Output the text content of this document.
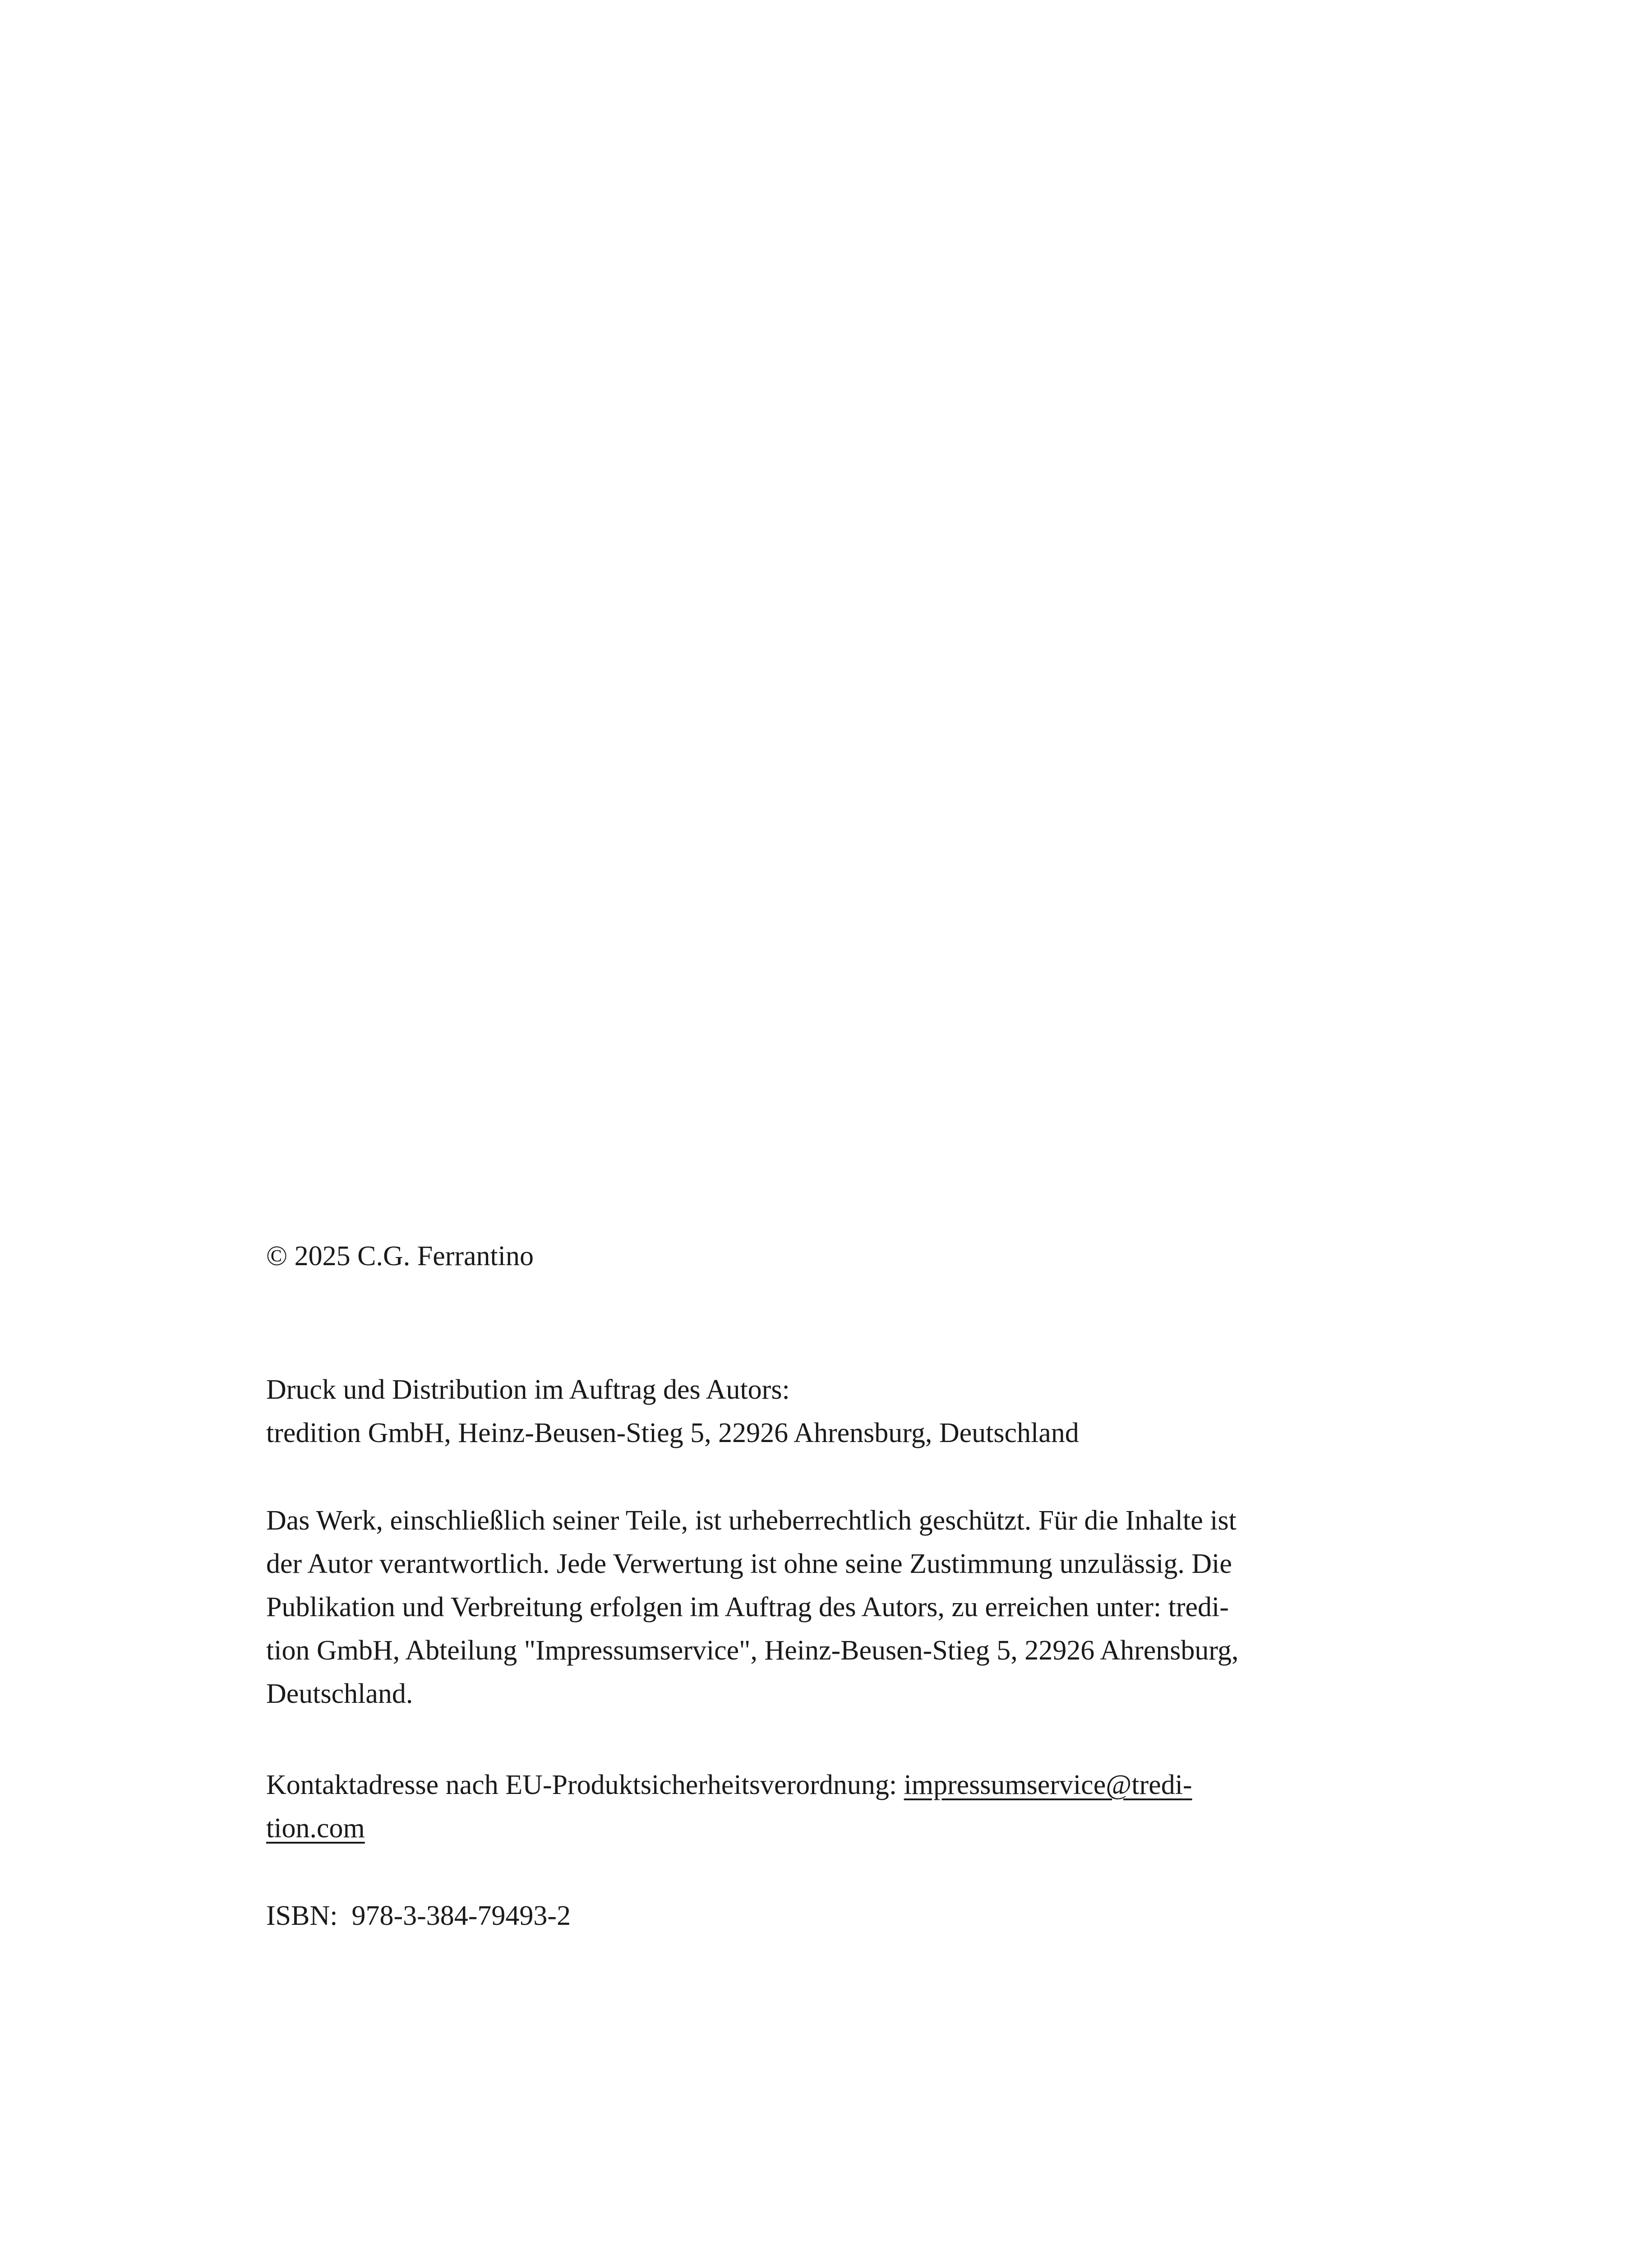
© 2025 C.G. Ferrantino

Druck und Distribution im Auftrag des Autors:
tredition GmbH, Heinz-Beusen-Stieg 5, 22926 Ahrensburg, Deutschland

Das Werk, einschließlich seiner Teile, ist urheberrechtlich geschützt. Für die Inhalte ist
der Autor verantwortlich. Jede Verwertung ist ohne seine Zustimmung unzulässig. Die
Publikation und Verbreitung erfolgen im Auftrag des Autors, zu erreichen unter: tredi-
tion GmbH, Abteilung "Impressumservice", Heinz-Beusen-Stieg 5, 22926 Ahrensburg,
Deutschland.

Kontaktadresse nach EU-Produktsicherheitsverordnung: impressumservice@tredi-
tion.com

ISBN:  978-3-384-79493-2
